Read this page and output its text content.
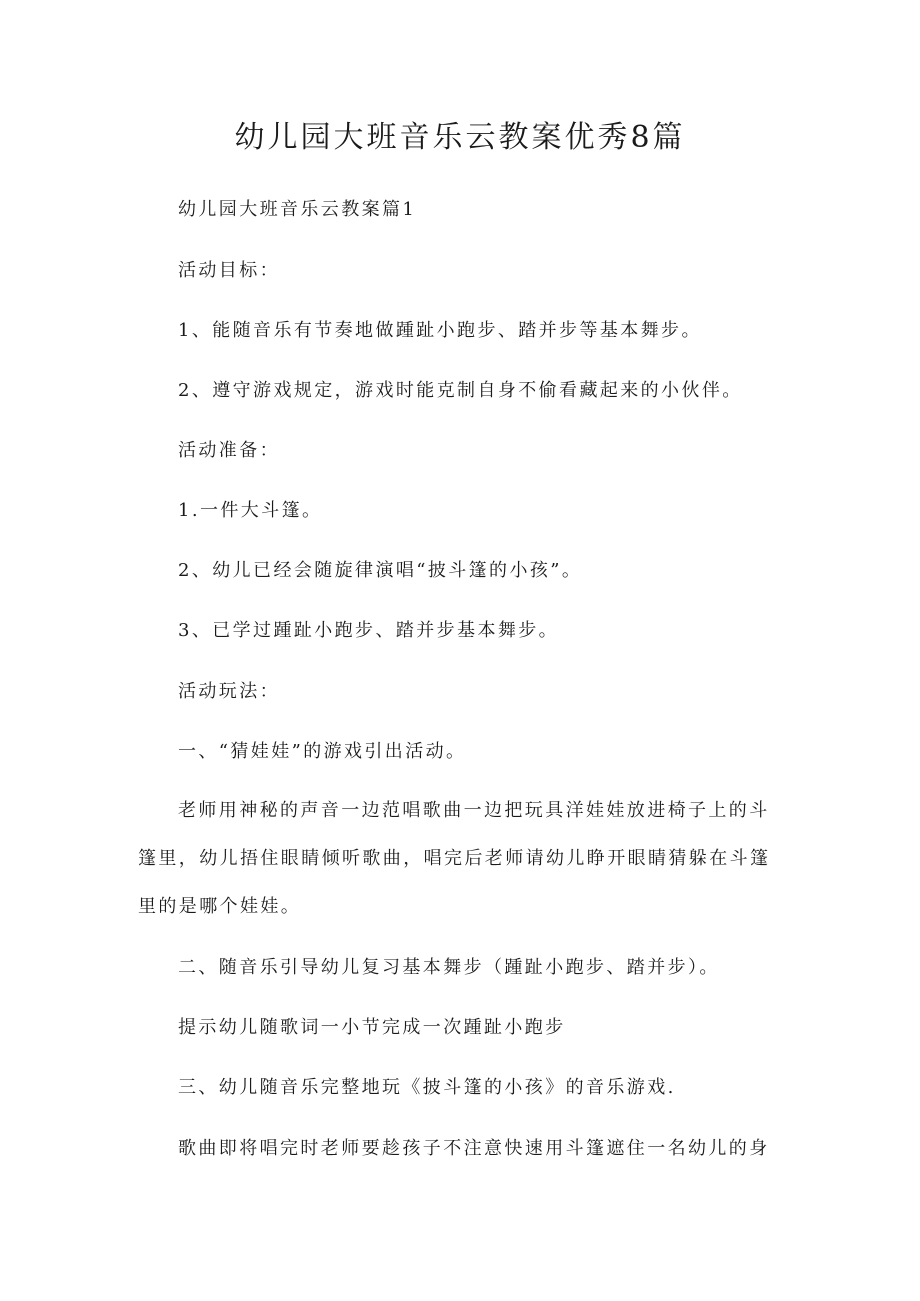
幼儿园大班音乐云教案优秀8篇

幼儿园大班音乐云教案篇1

活动目标：

1、能随音乐有节奏地做踵趾小跑步、踏并步等基本舞步。

2、遵守游戏规定，游戏时能克制自身不偷看藏起来的小伙伴。

活动准备：

1.一件大斗篷。

2、幼儿已经会随旋律演唱“披斗篷的小孩”。

3、已学过踵趾小跑步、踏并步基本舞步。

活动玩法：

一、“猜娃娃”的游戏引出活动。

老师用神秘的声音一边范唱歌曲一边把玩具洋娃娃放进椅子上的斗篷里，幼儿捂住眼睛倾听歌曲，唱完后老师请幼儿睁开眼睛猜躲在斗篷里的是哪个娃娃。

二、随音乐引导幼儿复习基本舞步（踵趾小跑步、踏并步）。

提示幼儿随歌词一小节完成一次踵趾小跑步

三、幼儿随音乐完整地玩《披斗篷的小孩》的音乐游戏.

歌曲即将唱完时老师要趁孩子不注意快速用斗篷遮住一名幼儿的身
